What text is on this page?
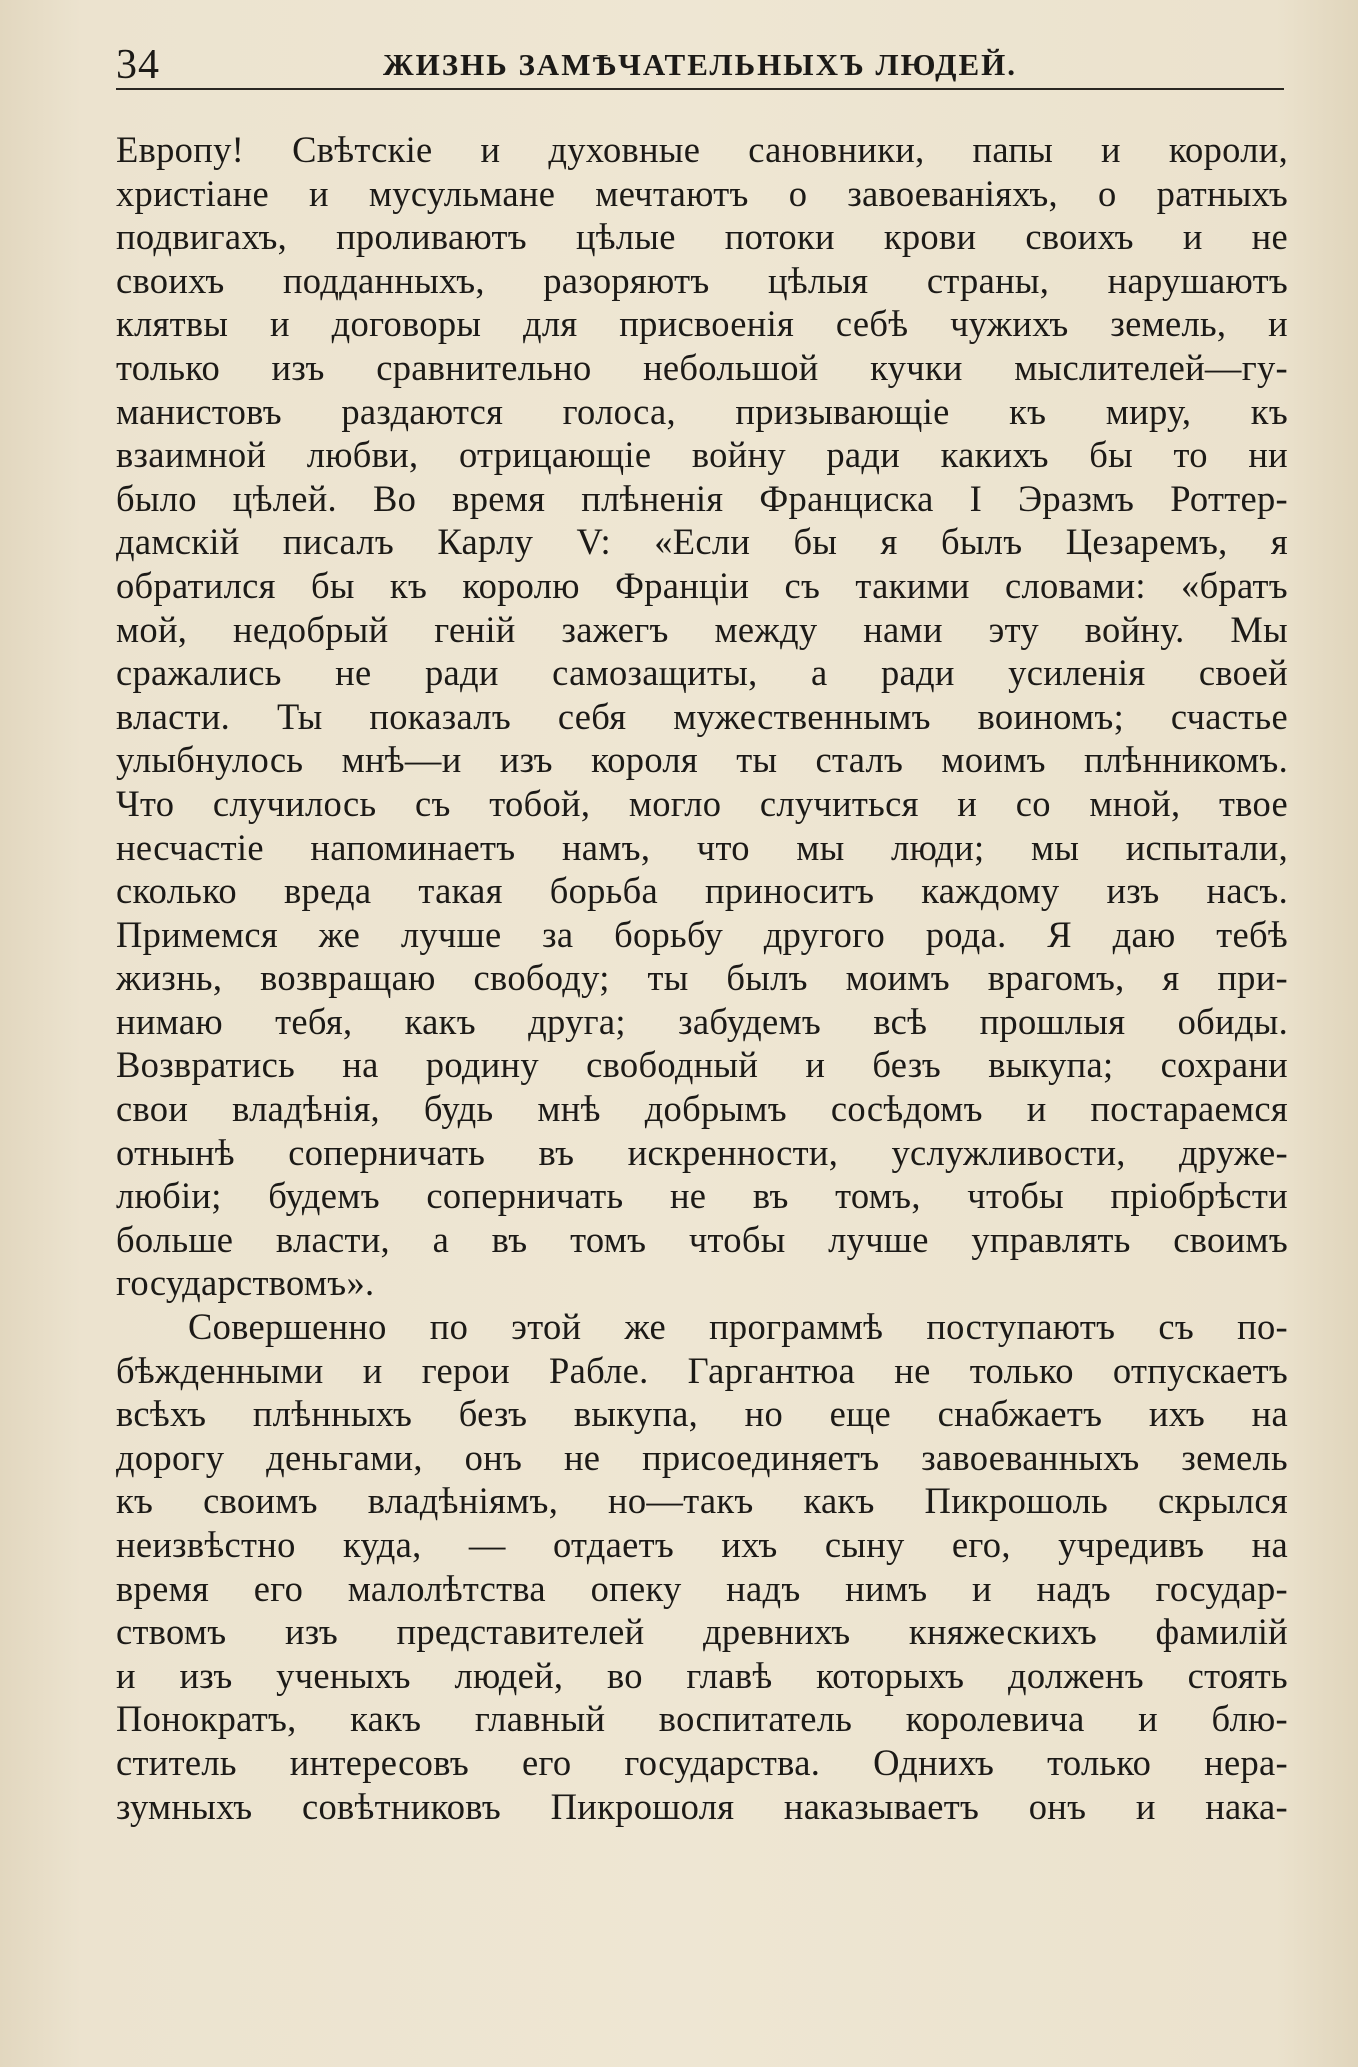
34	ЖИЗНЬ ЗАМѢЧАТЕЛЬНЫХЪ ЛЮДЕЙ.
Европу! Свѣтскіе и духовные сановники, папы и короли,
христіане и мусульмане мечтаютъ о завоеваніяхъ, о ратныхъ
подвигахъ, проливаютъ цѣлые потоки крови своихъ и не
своихъ подданныхъ, разоряютъ цѣлыя страны, нарушаютъ
клятвы и договоры для присвоенія себѣ чужихъ земель, и
только изъ сравнительно небольшой кучки мыслителей—гу-
манистовъ раздаются голоса, призывающіе къ миру, къ
взаимной любви, отрицающіе войну ради какихъ бы то ни
было цѣлей. Во время плѣненія Франциска I Эразмъ Роттер-
дамскій писалъ Карлу V: «Если бы я былъ Цезаремъ, я
обратился бы къ королю Франціи съ такими словами: «братъ
мой, недобрый геній зажегъ между нами эту войну. Мы
сражались не ради самозащиты, а ради усиленія своей
власти. Ты показалъ себя мужественнымъ воиномъ; счастье
улыбнулось мнѣ—и изъ короля ты сталъ моимъ плѣнникомъ.
Что случилось съ тобой, могло случиться и со мной, твое
несчастіе напоминаетъ намъ, что мы люди; мы испытали,
сколько вреда такая борьба приноситъ каждому изъ насъ.
Примемся же лучше за борьбу другого рода. Я даю тебѣ
жизнь, возвращаю свободу; ты былъ моимъ врагомъ, я при-
нимаю тебя, какъ друга; забудемъ всѣ прошлыя обиды.
Возвратись на родину свободный и безъ выкупа; сохрани
свои владѣнія, будь мнѣ добрымъ сосѣдомъ и постараемся
отнынѣ соперничать въ искренности, услужливости, друже-
любіи; будемъ соперничать не въ томъ, чтобы пріобрѣсти
больше власти, а въ томъ чтобы лучше управлять своимъ
государствомъ».
Совершенно по этой же программѣ поступаютъ съ по-
бѣжденными и герои Рабле. Гаргантюа не только отпускаетъ
всѣхъ плѣнныхъ безъ выкупа, но еще снабжаетъ ихъ на
дорогу деньгами, онъ не присоединяетъ завоеванныхъ земель
къ своимъ владѣніямъ, но—такъ какъ Пикрошоль скрылся
неизвѣстно куда, — отдаетъ ихъ сыну его, учредивъ на
время его малолѣтства опеку надъ нимъ и надъ государ-
ствомъ изъ представителей древнихъ княжескихъ фамилій
и изъ ученыхъ людей, во главѣ которыхъ долженъ стоять
Понократъ, какъ главный воспитатель королевича и блю-
ститель интересовъ его государства. Однихъ только нера-
зумныхъ совѣтниковъ Пикрошоля наказываетъ онъ и нака-
